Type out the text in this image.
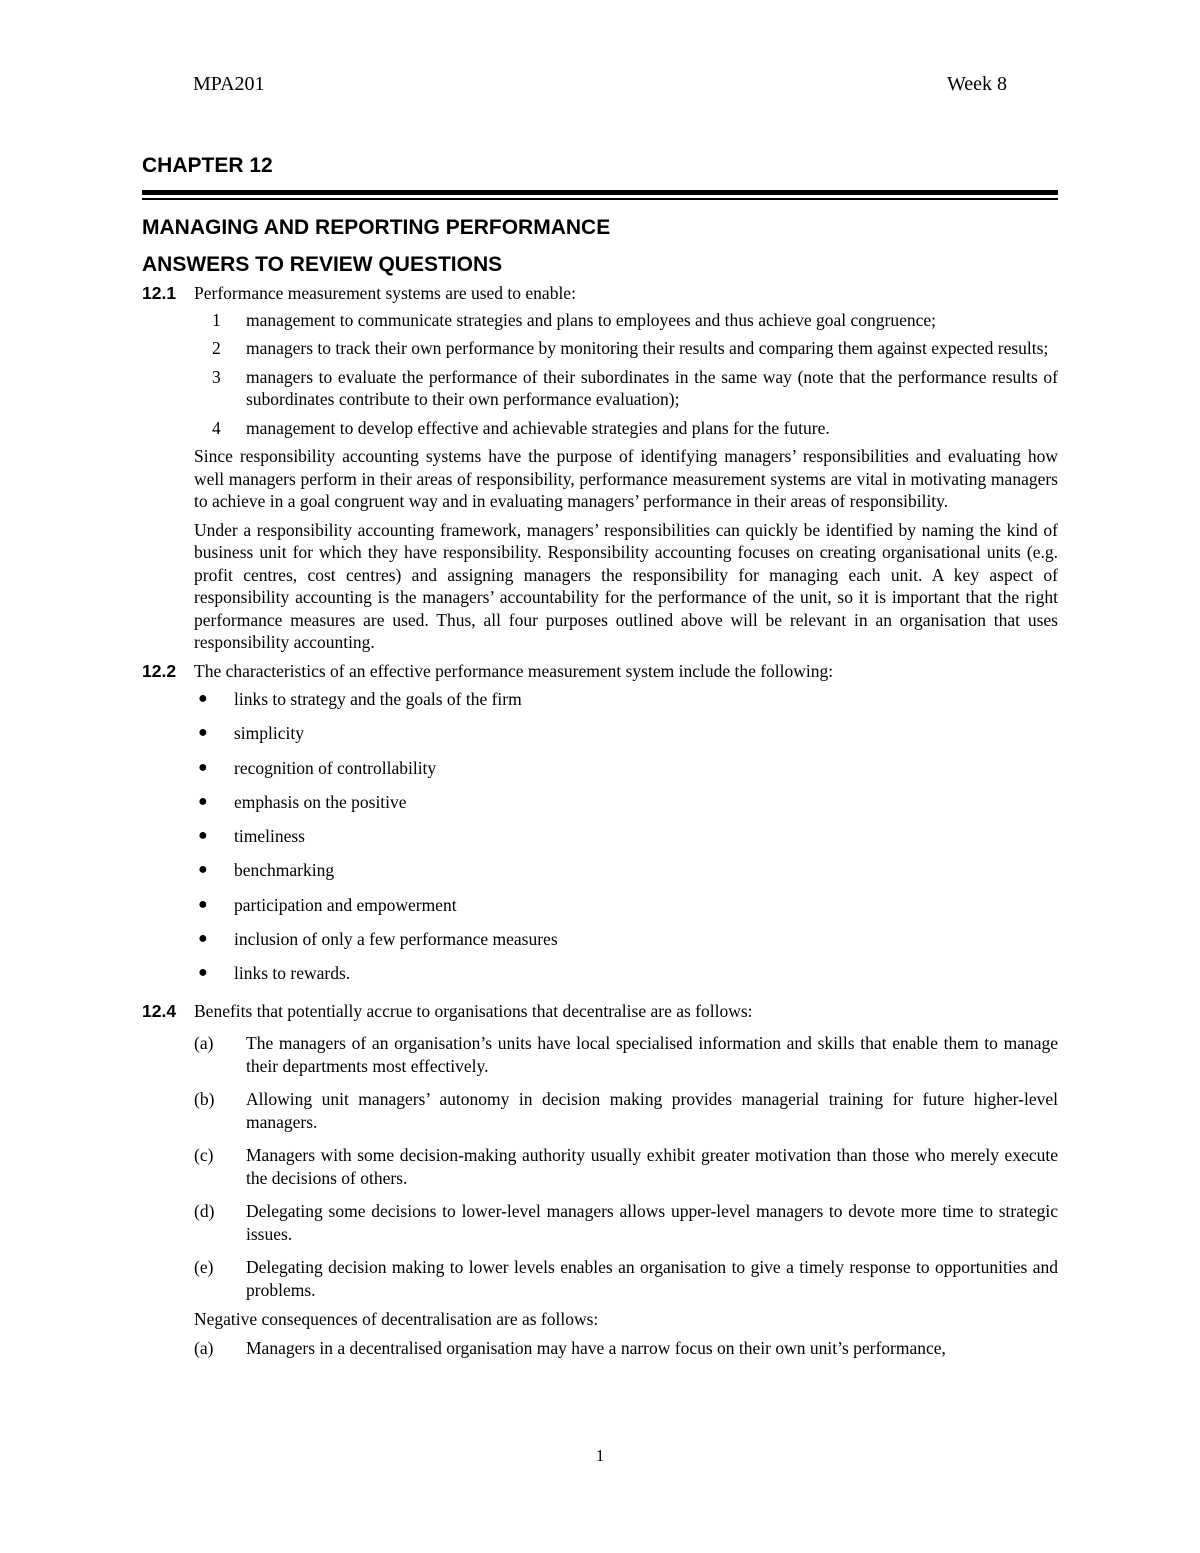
MPA201	Week 8

CHAPTER 12

MANAGING AND REPORTING PERFORMANCE

ANSWERS TO REVIEW QUESTIONS

12.1	Performance measurement systems are used to enable:
1	management to communicate strategies and plans to employees and thus achieve goal congruence;
2	managers to track their own performance by monitoring their results and comparing them against expected results;
3	managers to evaluate the performance of their subordinates in the same way (note that the performance results of subordinates contribute to their own performance evaluation);
4	management to develop effective and achievable strategies and plans for the future.

Since responsibility accounting systems have the purpose of identifying managers’ responsibilities and evaluating how well managers perform in their areas of responsibility, performance measurement systems are vital in motivating managers to achieve in a goal congruent way and in evaluating managers’ performance in their areas of responsibility.

Under a responsibility accounting framework, managers’ responsibilities can quickly be identified by naming the kind of business unit for which they have responsibility. Responsibility accounting focuses on creating organisational units (e.g. profit centres, cost centres) and assigning managers the responsibility for managing each unit. A key aspect of responsibility accounting is the managers’ accountability for the performance of the unit, so it is important that the right performance measures are used. Thus, all four purposes outlined above will be relevant in an organisation that uses responsibility accounting.

12.2	The characteristics of an effective performance measurement system include the following:
●	links to strategy and the goals of the firm
●	simplicity
●	recognition of controllability
●	emphasis on the positive
●	timeliness
●	benchmarking
●	participation and empowerment
●	inclusion of only a few performance measures
●	links to rewards.
12.4	Benefits that potentially accrue to organisations that decentralise are as follows:
(a)	The managers of an organisation’s units have local specialised information and skills that enable them to manage their departments most effectively.
(b)	Allowing unit managers’ autonomy in decision making provides managerial training for future higher-level managers.
(c)	Managers with some decision-making authority usually exhibit greater motivation than those who merely execute the decisions of others.
(d)	Delegating some decisions to lower-level managers allows upper-level managers to devote more time to strategic issues.
(e)	Delegating decision making to lower levels enables an organisation to give a timely response to opportunities and problems.

Negative consequences of decentralisation are as follows:

(a)	Managers in a decentralised organisation may have a narrow focus on their own unit’s performance,
1
